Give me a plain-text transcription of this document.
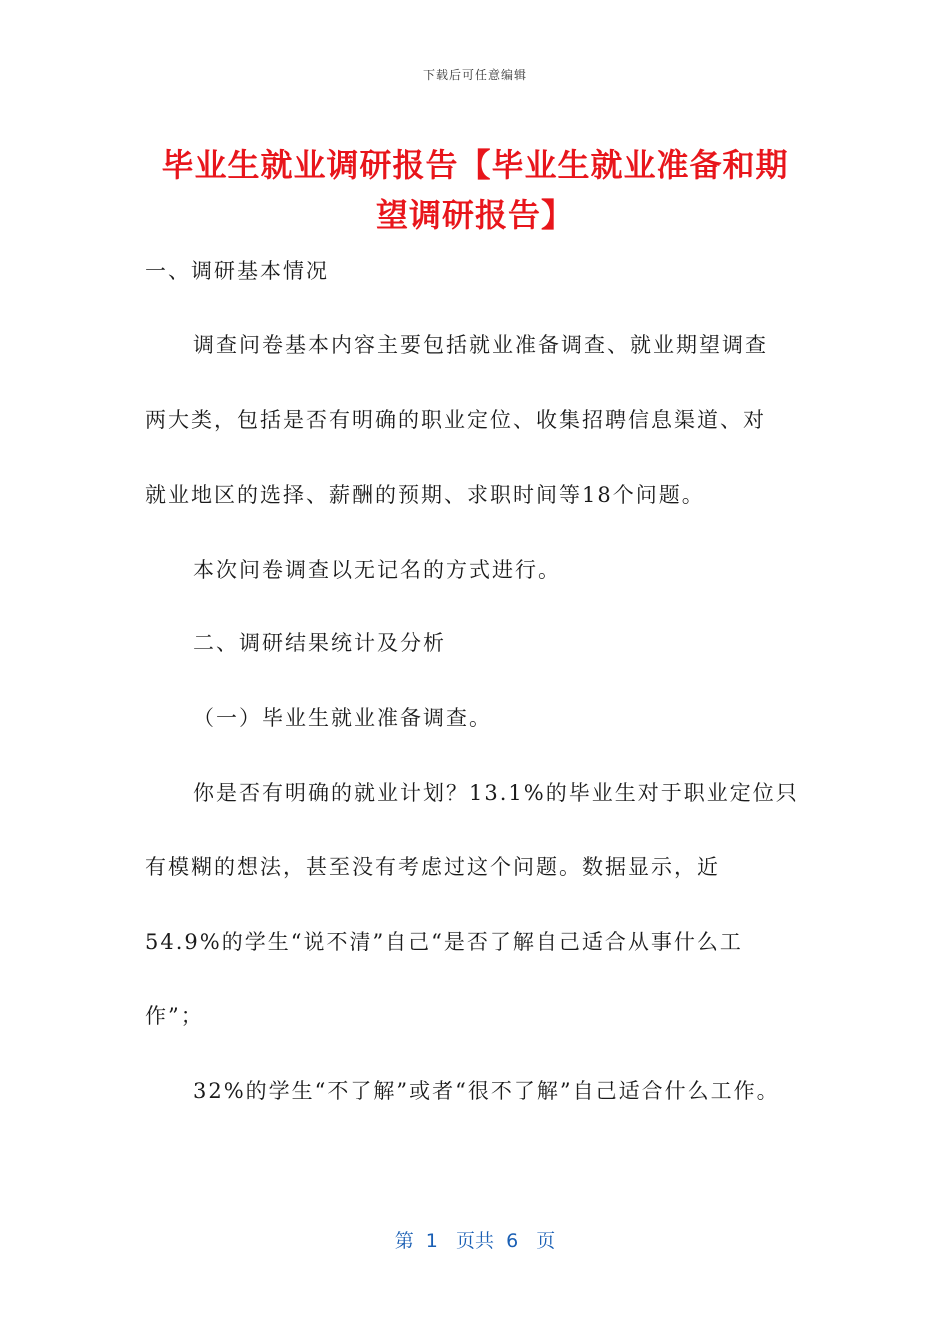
下载后可任意编辑
毕业生就业调研报告【毕业生就业准备和期
望调研报告】
一、调研基本情况
调查问卷基本内容主要包括就业准备调查、就业期望调查
两大类，包括是否有明确的职业定位、收集招聘信息渠道、对
就业地区的选择、薪酬的预期、求职时间等18个问题。
本次问卷调查以无记名的方式进行。
二、调研结果统计及分析
（一）毕业生就业准备调查。
你是否有明确的就业计划？13.1%的毕业生对于职业定位只
有模糊的想法，甚至没有考虑过这个问题。数据显示，近
54.9%的学生“说不清”自己“是否了解自己适合从事什么工
作”；
32%的学生“不了解”或者“很不了解”自己适合什么工作。
第  1   页共  6   页
